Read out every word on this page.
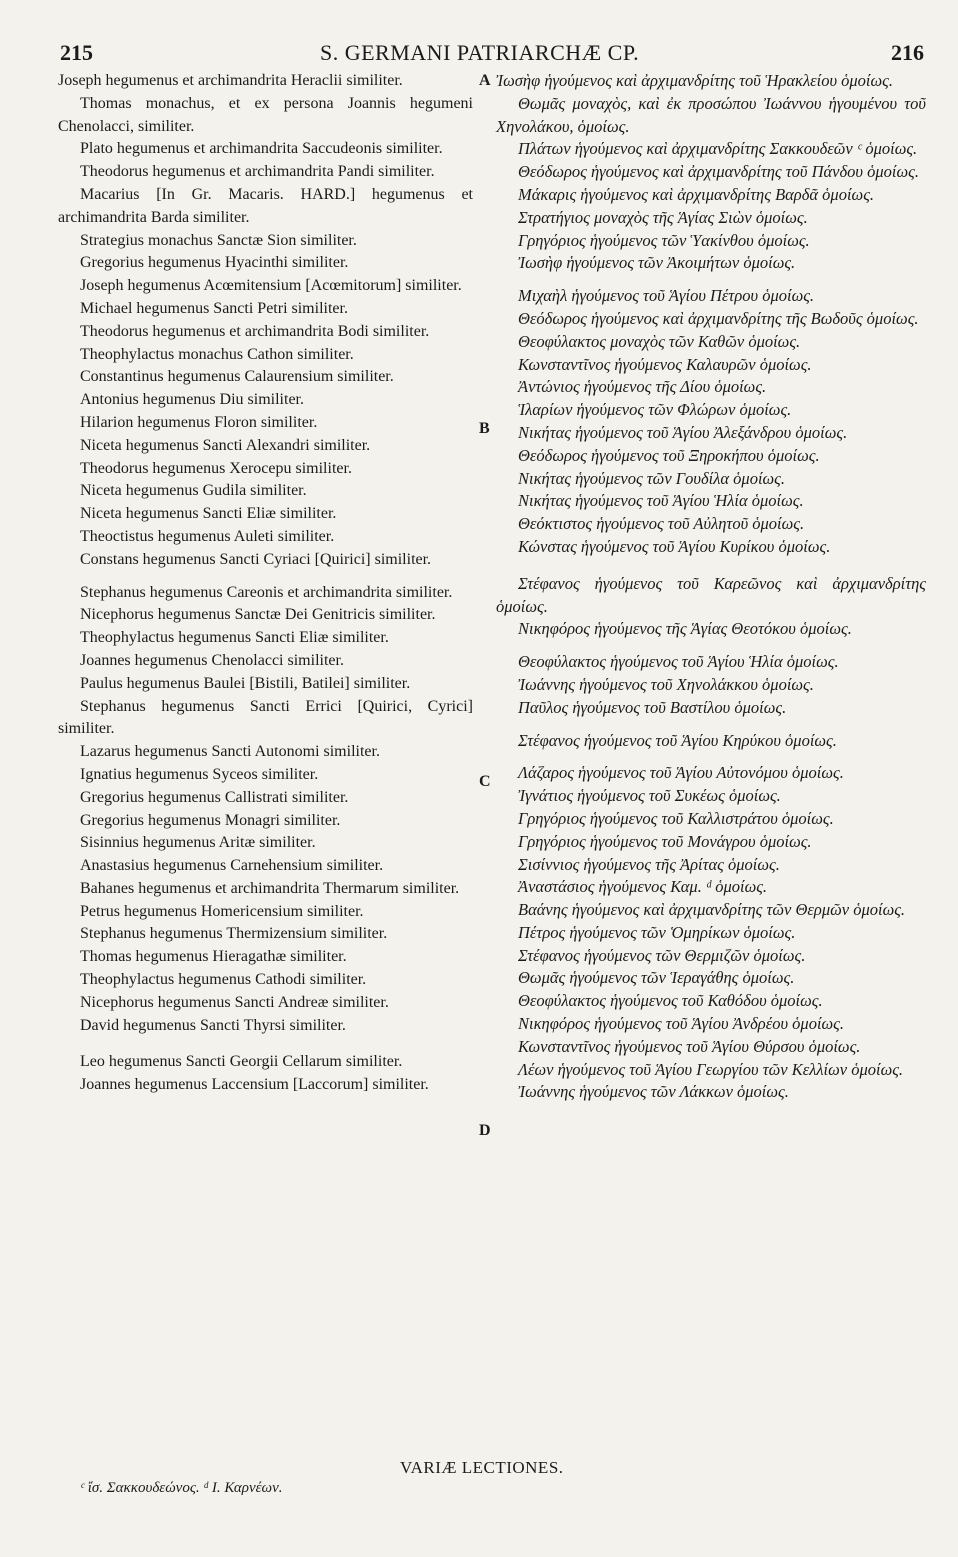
215	S. GERMANI PATRIARCHÆ CP.	216
A
B
C
D

Joseph hegumenus et archimandrita Heraclii similiter.

Thomas monachus, et ex persona Joannis hegumeni Chenolacci, similiter.

Plato hegumenus et archimandrita Saccudeonis similiter.

Theodorus hegumenus et archimandrita Pandi similiter.

Macarius [In Gr. Macaris. HARD.] hegumenus et archimandrita Barda similiter.

Strategius monachus Sanctæ Sion similiter.

Gregorius hegumenus Hyacinthi similiter.

Joseph hegumenus Acœmitensium [Acœmitorum] similiter.

Michael hegumenus Sancti Petri similiter.

Theodorus hegumenus et archimandrita Bodi similiter.

Theophylactus monachus Cathon similiter.

Constantinus hegumenus Calaurensium similiter.

Antonius hegumenus Diu similiter.

Hilarion hegumenus Floron similiter.

Niceta hegumenus Sancti Alexandri similiter.

Theodorus hegumenus Xerocepu similiter.

Niceta hegumenus Gudila similiter.

Niceta hegumenus Sancti Eliæ similiter.

Theoctistus hegumenus Auleti similiter.

Constans hegumenus Sancti Cyriaci [Quirici] similiter.

Stephanus hegumenus Careonis et archimandrita similiter.

Nicephorus hegumenus Sanctæ Dei Genitricis similiter.

Theophylactus hegumenus Sancti Eliæ similiter.

Joannes hegumenus Chenolacci similiter.

Paulus hegumenus Baulei [Bistili, Batilei] similiter.

Stephanus hegumenus Sancti Errici [Quirici, Cyrici] similiter.

Lazarus hegumenus Sancti Autonomi similiter.

Ignatius hegumenus Syceos similiter.

Gregorius hegumenus Callistrati similiter.

Gregorius hegumenus Monagri similiter.

Sisinnius hegumenus Aritæ similiter.

Anastasius hegumenus Carnehensium similiter.

Bahanes hegumenus et archimandrita Thermarum similiter.

Petrus hegumenus Homericensium similiter.

Stephanus hegumenus Thermizensium similiter.

Thomas hegumenus Hieragathæ similiter.

Theophylactus hegumenus Cathodi similiter.

Nicephorus hegumenus Sancti Andreæ similiter.

David hegumenus Sancti Thyrsi similiter.

Leo hegumenus Sancti Georgii Cellarum similiter.

Joannes hegumenus Laccensium [Laccorum] similiter.

Ἰωσὴφ ἡγούμενος καὶ ἀρχιμανδρίτης τοῦ Ἡρακλείου ὁμοίως.

Θωμᾶς μοναχὸς, καὶ ἐκ προσώπου Ἰωάννου ἡγουμένου τοῦ Χηνολάκου, ὁμοίως.

Πλάτων ἡγούμενος καὶ ἀρχιμανδρίτης Σακκουδεῶν ᶜ ὁμοίως.

Θεόδωρος ἡγούμενος καὶ ἀρχιμανδρίτης τοῦ Πάνδου ὁμοίως.

Μάκαρις ἡγούμενος καὶ ἀρχιμανδρίτης Βαρδᾶ ὁμοίως.

Στρατήγιος μοναχὸς τῆς Ἁγίας Σιὼν ὁμοίως.

Γρηγόριος ἡγούμενος τῶν Ὑακίνθου ὁμοίως.

Ἰωσὴφ ἡγούμενος τῶν Ἀκοιμήτων ὁμοίως.

Μιχαὴλ ἡγούμενος τοῦ Ἁγίου Πέτρου ὁμοίως.

Θεόδωρος ἡγούμενος καὶ ἀρχιμανδρίτης τῆς Βωδοῦς ὁμοίως.

Θεοφύλακτος μοναχὸς τῶν Καθῶν ὁμοίως.

Κωνσταντῖνος ἡγούμενος Καλαυρῶν ὁμοίως.

Ἀντώνιος ἡγούμενος τῆς Δίου ὁμοίως.

Ἱλαρίων ἡγούμενος τῶν Φλώρων ὁμοίως.

Νικήτας ἡγούμενος τοῦ Ἁγίου Ἀλεξάνδρου ὁμοίως.

Θεόδωρος ἡγούμενος τοῦ Ξηροκήπου ὁμοίως.

Νικήτας ἡγούμενος τῶν Γουδίλα ὁμοίως.

Νικήτας ἡγούμενος τοῦ Ἁγίου Ἡλία ὁμοίως.

Θεόκτιστος ἡγούμενος τοῦ Αὐλητοῦ ὁμοίως.

Κώνστας ἡγούμενος τοῦ Ἁγίου Κυρίκου ὁμοίως.

Στέφανος ἡγούμενος τοῦ Καρεῶνος καὶ ἀρχιμανδρίτης ὁμοίως.

Νικηφόρος ἡγούμενος τῆς Ἁγίας Θεοτόκου ὁμοίως.

Θεοφύλακτος ἡγούμενος τοῦ Ἁγίου Ἡλία ὁμοίως.

Ἰωάννης ἡγούμενος τοῦ Χηνολάκκου ὁμοίως.

Παῦλος ἡγούμενος τοῦ Βαστίλου ὁμοίως.

Στέφανος ἡγούμενος τοῦ Ἁγίου Κηρύκου ὁμοίως.

Λάζαρος ἡγούμενος τοῦ Ἁγίου Αὐτονόμου ὁμοίως.

Ἰγνάτιος ἡγούμενος τοῦ Συκέως ὁμοίως.

Γρηγόριος ἡγούμενος τοῦ Καλλιστράτου ὁμοίως.

Γρηγόριος ἡγούμενος τοῦ Μονάγρου ὁμοίως.

Σισίννιος ἡγούμενος τῆς Ἀρίτας ὁμοίως.

Ἀναστάσιος ἡγούμενος Καμ. ᵈ ὁμοίως.

Βαάνης ἡγούμενος καὶ ἀρχιμανδρίτης τῶν Θερμῶν ὁμοίως.

Πέτρος ἡγούμενος τῶν Ὁμηρίκων ὁμοίως.

Στέφανος ἡγούμενος τῶν Θερμιζῶν ὁμοίως.

Θωμᾶς ἡγούμενος τῶν Ἱεραγάθης ὁμοίως.

Θεοφύλακτος ἡγούμενος τοῦ Καθόδου ὁμοίως.

Νικηφόρος ἡγούμενος τοῦ Ἁγίου Ἀνδρέου ὁμοίως.

Κωνσταντῖνος ἡγούμενος τοῦ Ἁγίου Θύρσου ὁμοίως.

Λέων ἡγούμενος τοῦ Ἁγίου Γεωργίου τῶν Κελλίων ὁμοίως.

Ἰωάννης ἡγούμενος τῶν Λάκκων ὁμοίως.

VARIÆ LECTIONES.
ᶜ ἴσ. Σακκουδεώνος. ᵈ Ι. Καρνέων.
